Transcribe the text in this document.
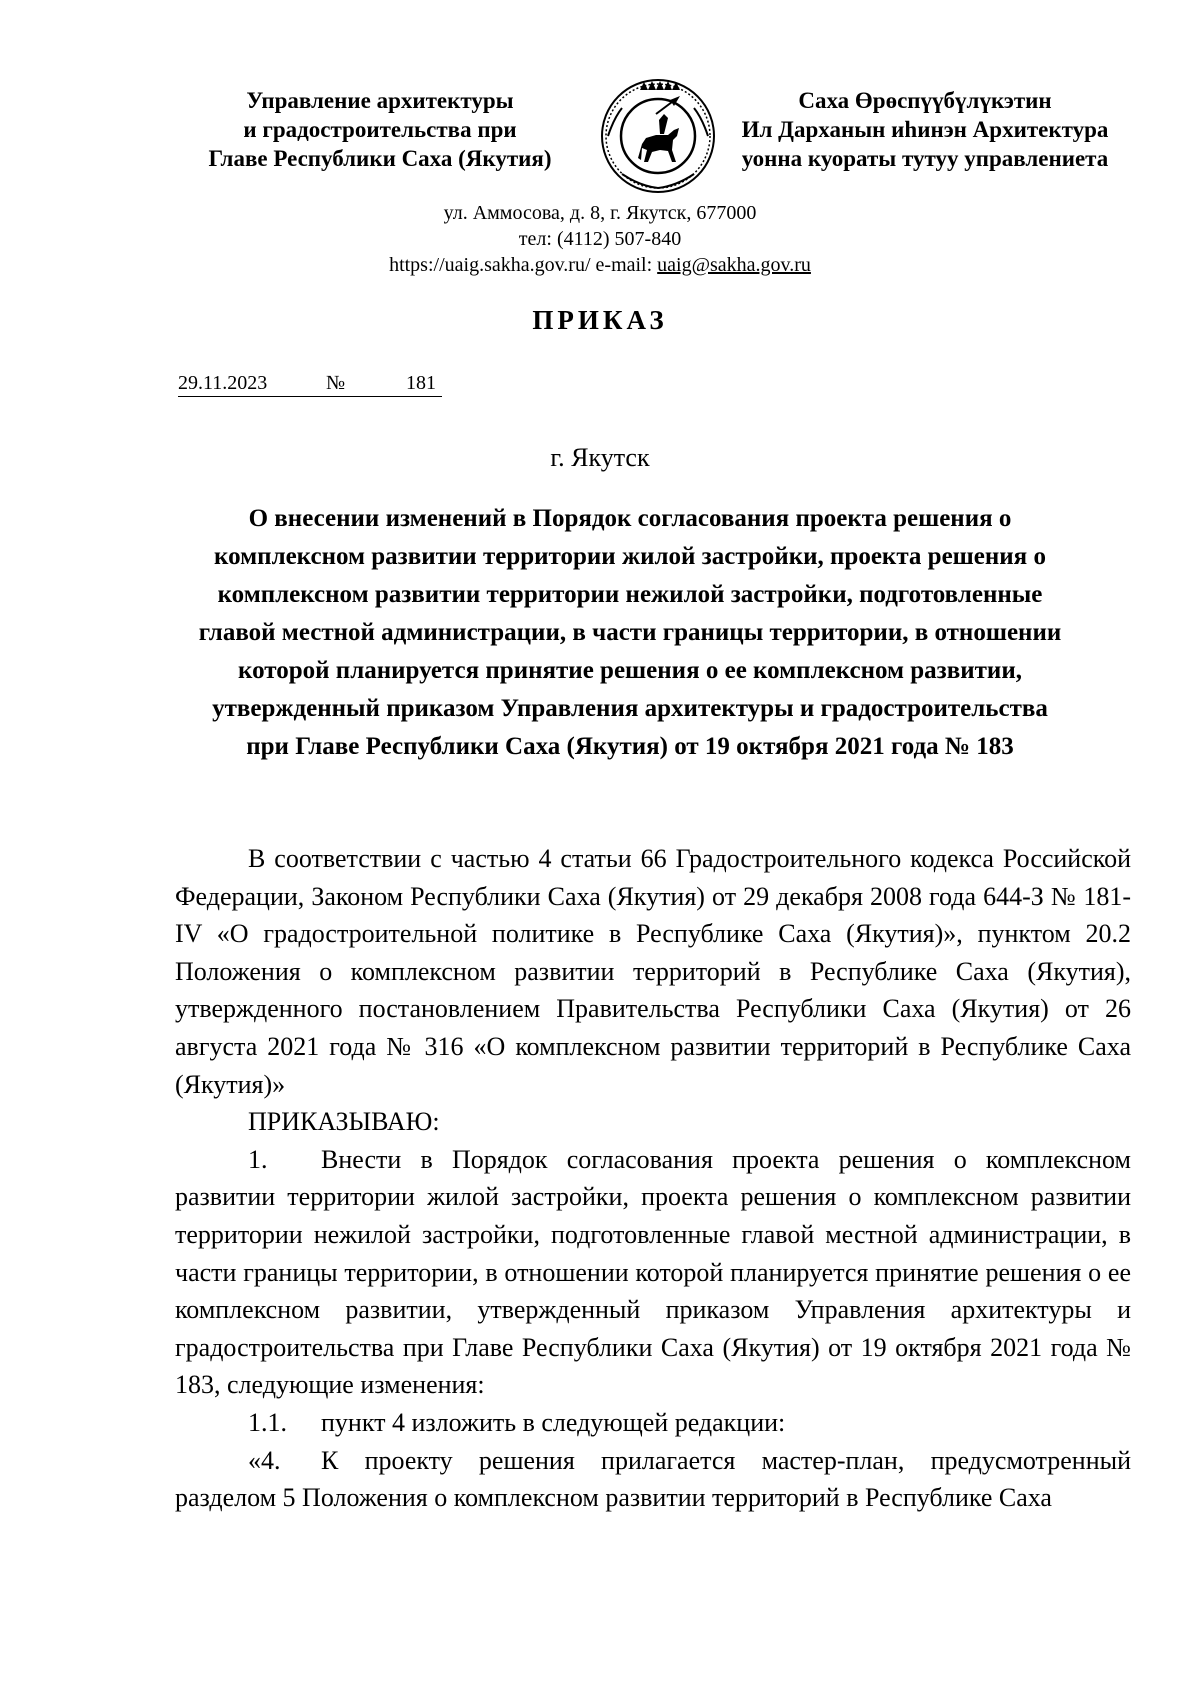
Управление архитектуры
и градостроительства при
Главе Республики Саха (Якутия)
Саха Өрөспүүбүлүкэтин
Ил Дарханын иһинэн Архитектура
уонна куораты тутуу управлениета
ул. Аммосова, д. 8, г. Якутск, 677000
тел: (4112) 507-840
https://uaig.sakha.gov.ru/ e-mail: uaig@sakha.gov.ru
ПРИКАЗ
29.11.2023	№	181
г. Якутск
О внесении изменений в Порядок согласования проекта решения о комплексном развитии территории жилой застройки, проекта решения о комплексном развитии территории нежилой застройки, подготовленные главой местной администрации, в части границы территории, в отношении которой планируется принятие решения о ее комплексном развитии, утвержденный приказом Управления архитектуры и градостроительства при Главе Республики Саха (Якутия) от 19 октября 2021 года № 183

В соответствии с частью 4 статьи 66 Градостроительного кодекса Российской Федерации, Законом Республики Саха (Якутия) от 29 декабря 2008 года 644-З № 181-IV «О градостроительной политике в Республике Саха (Якутия)», пунктом 20.2 Положения о комплексном развитии территорий в Республике Саха (Якутия), утвержденного постановлением Правительства Республики Саха (Якутия) от 26 августа 2021 года № 316 «О комплексном развитии территорий в Республике Саха (Якутия)»

ПРИКАЗЫВАЮ:

1. Внести в Порядок согласования проекта решения о комплексном развитии территории жилой застройки, проекта решения о комплексном развитии территории нежилой застройки, подготовленные главой местной администрации, в части границы территории, в отношении которой планируется принятие решения о ее комплексном развитии, утвержденный приказом Управления архитектуры и градостроительства при Главе Республики Саха (Якутия) от 19 октября 2021 года № 183, следующие изменения:

1.1. пункт 4 изложить в следующей редакции:

«4. К проекту решения прилагается мастер-план, предусмотренный разделом 5 Положения о комплексном развитии территорий в Республике Саха
